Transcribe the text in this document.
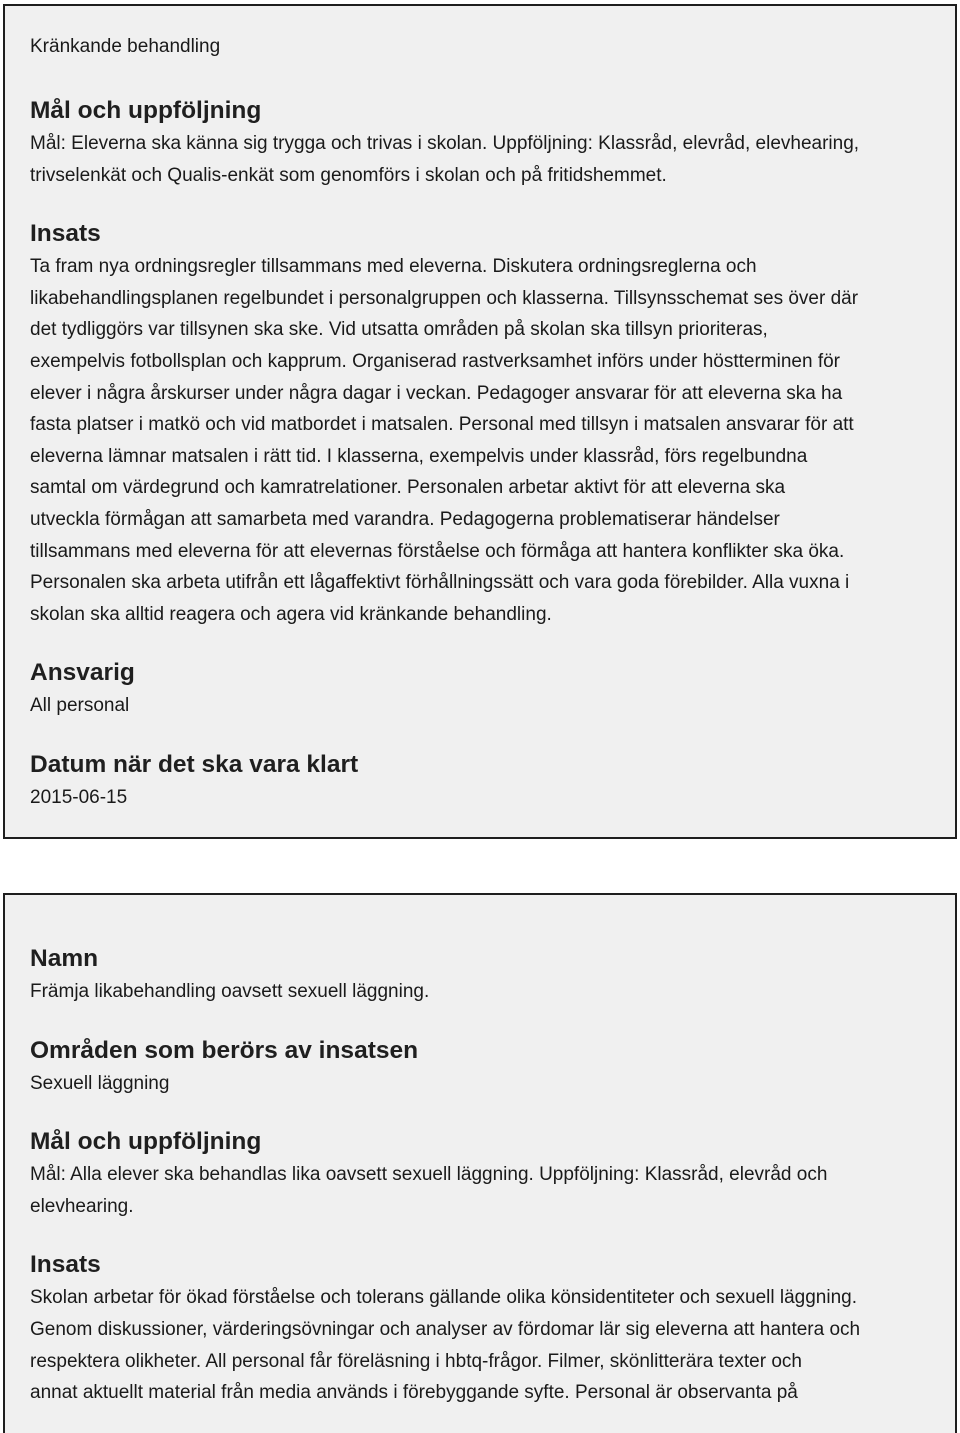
Kränkande behandling

Mål och uppföljning

Mål: Eleverna ska känna sig trygga och trivas i skolan. Uppföljning: Klassråd, elevråd, elevhearing,
trivselenkät och Qualis-enkät som genomförs i skolan och på fritidshemmet.

Insats

Ta fram nya ordningsregler tillsammans med eleverna. Diskutera ordningsreglerna och
likabehandlingsplanen regelbundet i personalgruppen och klasserna. Tillsynsschemat ses över där
det tydliggörs var tillsynen ska ske. Vid utsatta områden på skolan ska tillsyn prioriteras,
exempelvis fotbollsplan och kapprum. Organiserad rastverksamhet införs under höstterminen för
elever i några årskurser under några dagar i veckan. Pedagoger ansvarar för att eleverna ska ha
fasta platser i matkö och vid matbordet i matsalen. Personal med tillsyn i matsalen ansvarar för att
eleverna lämnar matsalen i rätt tid. I klasserna, exempelvis under klassråd, förs regelbundna
samtal om värdegrund och kamratrelationer. Personalen arbetar aktivt för att eleverna ska
utveckla förmågan att samarbeta med varandra. Pedagogerna problematiserar händelser
tillsammans med eleverna för att elevernas förståelse och förmåga att hantera konflikter ska öka.
Personalen ska arbeta utifrån ett lågaffektivt förhållningssätt och vara goda förebilder. Alla vuxna i
skolan ska alltid reagera och agera vid kränkande behandling.

Ansvarig

All personal

Datum när det ska vara klart

2015-06-15

Namn

Främja likabehandling oavsett sexuell läggning.

Områden som berörs av insatsen

Sexuell läggning

Mål och uppföljning

Mål: Alla elever ska behandlas lika oavsett sexuell läggning. Uppföljning: Klassråd, elevråd och
elevhearing.

Insats

Skolan arbetar för ökad förståelse och tolerans gällande olika könsidentiteter och sexuell läggning.
Genom diskussioner, värderingsövningar och analyser av fördomar lär sig eleverna att hantera och
respektera olikheter. All personal får föreläsning i hbtq-frågor. Filmer, skönlitterära texter och
annat aktuellt material från media används i förebyggande syfte. Personal är observanta på
